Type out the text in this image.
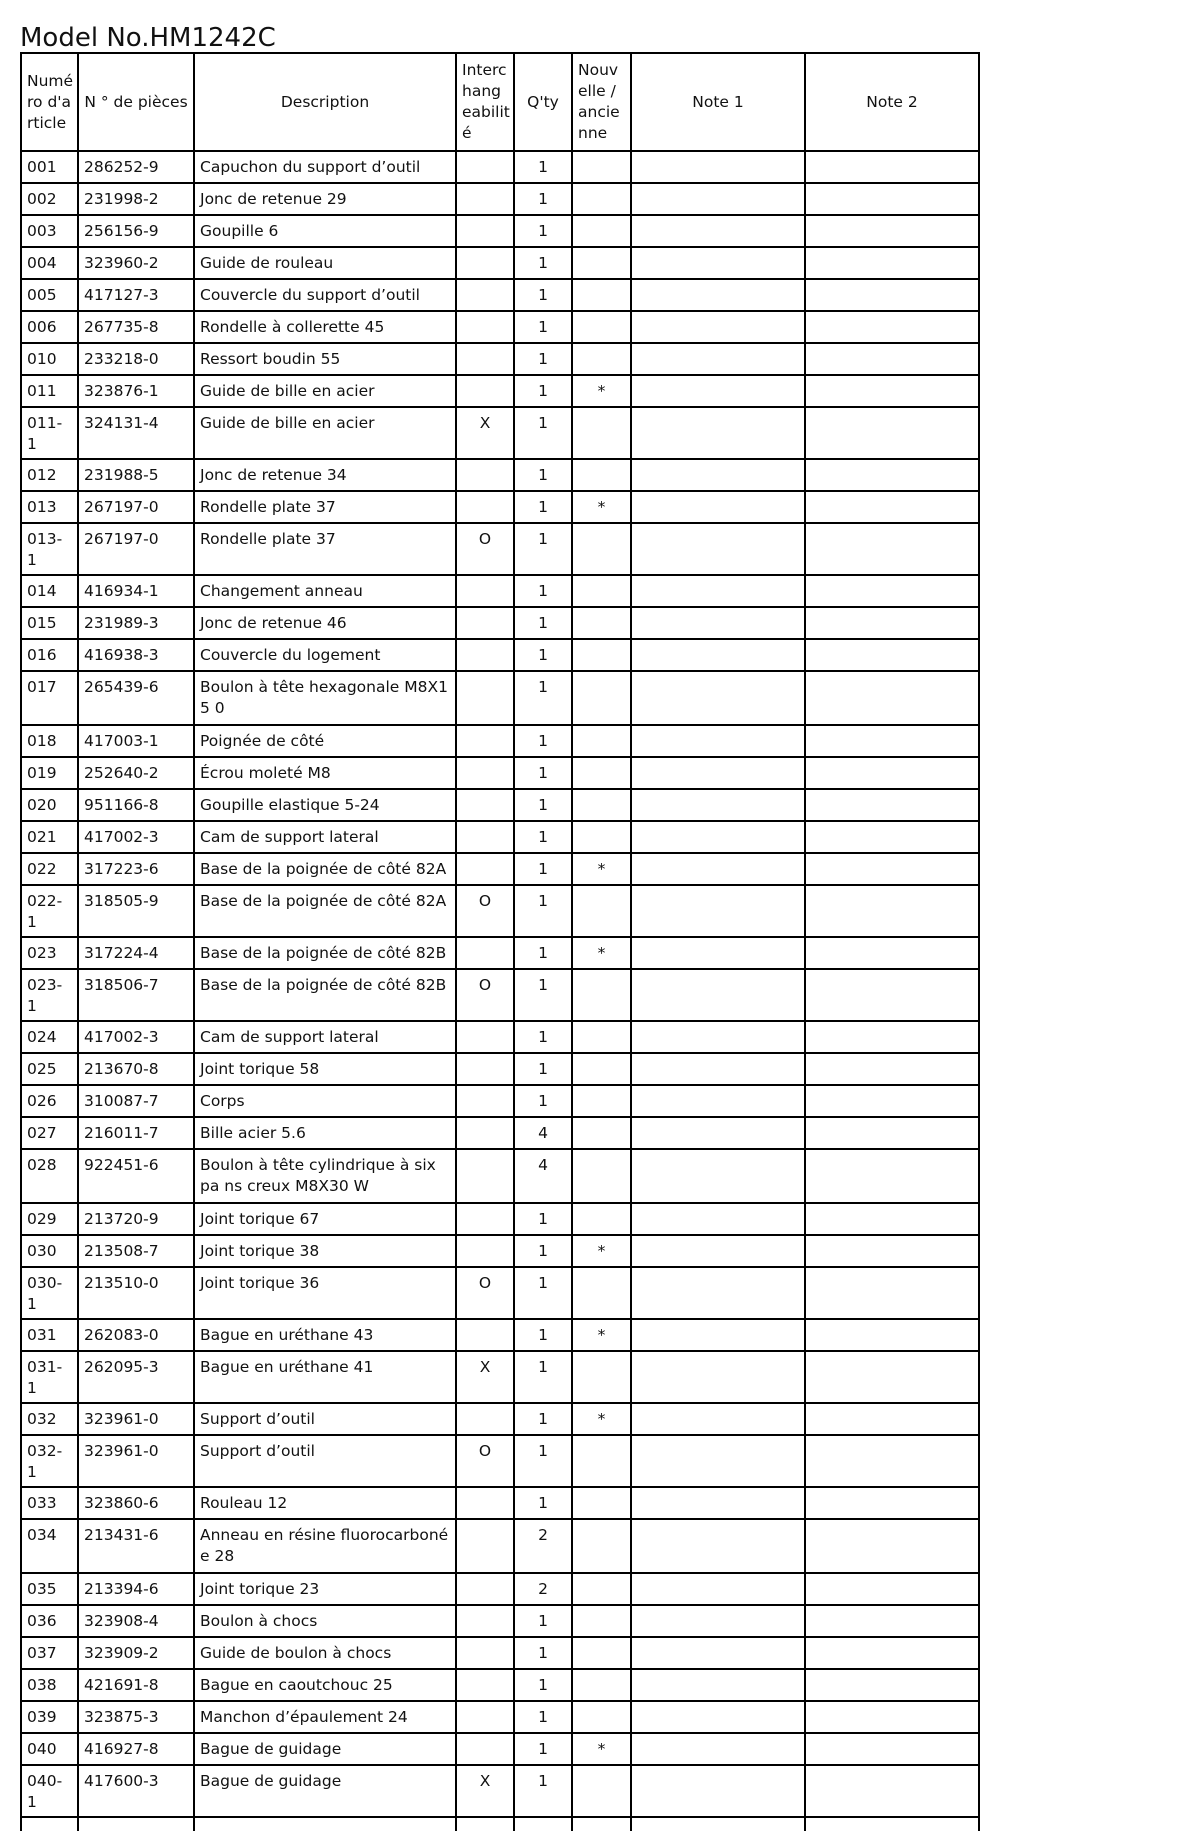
Model No.HM1242C
Numé ro d'a rticle	N ° de pièces	Description	Interc hang eabilit é	Q'ty	Nouv elle / ancie nne	Note 1	Note 2
001	286252-9	Capuchon du support d’outil		1			
002	231998-2	Jonc de retenue 29		1			
003	256156-9	Goupille 6		1			
004	323960-2	Guide de rouleau		1			
005	417127-3	Couvercle du support d’outil		1			
006	267735-8	Rondelle à collerette 45		1			
010	233218-0	Ressort boudin 55		1			
011	323876-1	Guide de bille en acier		1	*		
011-1	324131-4	Guide de bille en acier	X	1			
012	231988-5	Jonc de retenue 34		1			
013	267197-0	Rondelle plate 37		1	*		
013-1	267197-0	Rondelle plate 37	O	1			
014	416934-1	Changement anneau		1			
015	231989-3	Jonc de retenue 46		1			
016	416938-3	Couvercle du logement		1			
017	265439-6	Boulon à tête hexagonale M8X15 0		1			
018	417003-1	Poignée de côté		1			
019	252640-2	Écrou moleté M8		1			
020	951166-8	Goupille elastique 5-24		1			
021	417002-3	Cam de support lateral		1			
022	317223-6	Base de la poignée de côté 82A		1	*		
022-1	318505-9	Base de la poignée de côté 82A	O	1			
023	317224-4	Base de la poignée de côté 82B		1	*		
023-1	318506-7	Base de la poignée de côté 82B	O	1			
024	417002-3	Cam de support lateral		1			
025	213670-8	Joint torique 58		1			
026	310087-7	Corps		1			
027	216011-7	Bille acier 5.6		4			
028	922451-6	Boulon à tête cylindrique à six pa ns creux M8X30 W		4			
029	213720-9	Joint torique 67		1			
030	213508-7	Joint torique 38		1	*		
030-1	213510-0	Joint torique 36	O	1			
031	262083-0	Bague en uréthane 43		1	*		
031-1	262095-3	Bague en uréthane 41	X	1			
032	323961-0	Support d’outil		1	*		
032-1	323961-0	Support d’outil	O	1			
033	323860-6	Rouleau 12		1			
034	213431-6	Anneau en résine fluorocarboné e 28		2			
035	213394-6	Joint torique 23		2			
036	323908-4	Boulon à chocs		1			
037	323909-2	Guide de boulon à chocs		1			
038	421691-8	Bague en caoutchouc 25		1			
039	323875-3	Manchon d’épaulement 24		1			
040	416927-8	Bague de guidage		1	*		
040-1	417600-3	Bague de guidage	X	1			
